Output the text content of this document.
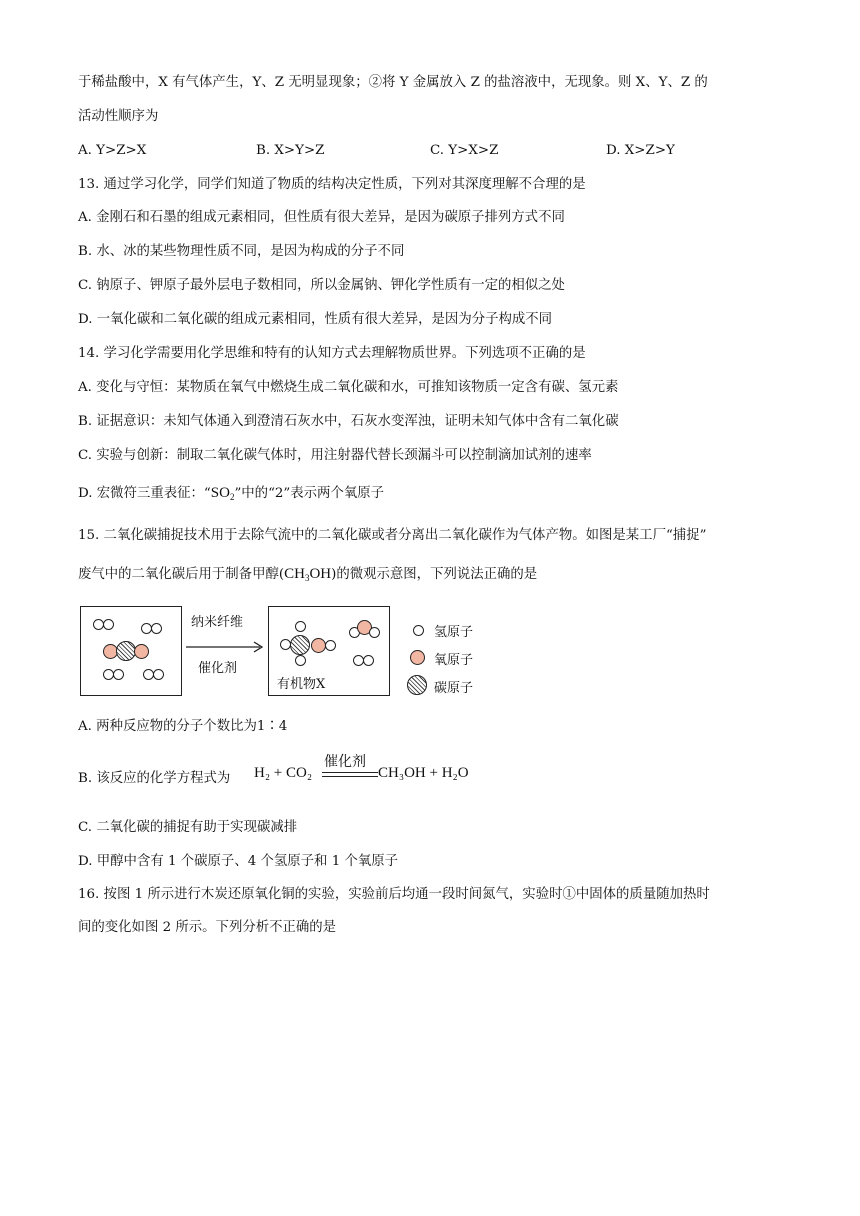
于稀盐酸中，X 有气体产生，Y、Z 无明显现象；②将 Y 金属放入 Z 的盐溶液中，无现象。则 X、Y、Z 的
活动性顺序为
A. Y>Z>X	B. X>Y>Z	C. Y>X>Z	D. X>Z>Y
13. 通过学习化学，同学们知道了物质的结构决定性质，下列对其深度理解不合理的是
A. 金刚石和石墨的组成元素相同，但性质有很大差异，是因为碳原子排列方式不同
B. 水、冰的某些物理性质不同，是因为构成的分子不同
C. 钠原子、钾原子最外层电子数相同，所以金属钠、钾化学性质有一定的相似之处
D. 一氧化碳和二氧化碳的组成元素相同，性质有很大差异，是因为分子构成不同
14. 学习化学需要用化学思维和特有的认知方式去理解物质世界。下列选项不正确的是
A. 变化与守恒：某物质在氧气中燃烧生成二氧化碳和水，可推知该物质一定含有碳、氢元素
B. 证据意识：未知气体通入到澄清石灰水中，石灰水变浑浊，证明未知气体中含有二氧化碳
C. 实验与创新：制取二氧化碳气体时，用注射器代替长颈漏斗可以控制滴加试剂的速率
D. 宏微符三重表征：“$SO_2$”中的“2”表示两个氧原子
15. 二氧化碳捕捉技术用于去除气流中的二氧化碳或者分离出二氧化碳作为气体产物。如图是某工厂“捕捉”
废气中的二氧化碳后用于制备甲醇$(CH_3OH)$的微观示意图，下列说法正确的是
纳米纤维
催化剂
有机物X
氢原子
氧原子
碳原子
A. 两种反应物的分子个数比为1∶4
B. 该反应的化学方程式为 H₂ + CO₂
催化剂
CH₃OH + H₂O
C. 二氧化碳的捕捉有助于实现碳减排
D. 甲醇中含有 1 个碳原子、4 个氢原子和 1 个氧原子
16. 按图 1 所示进行木炭还原氧化铜的实验，实验前后均通一段时间氮气，实验时①中固体的质量随加热时
间的变化如图 2 所示。下列分析不正确的是
